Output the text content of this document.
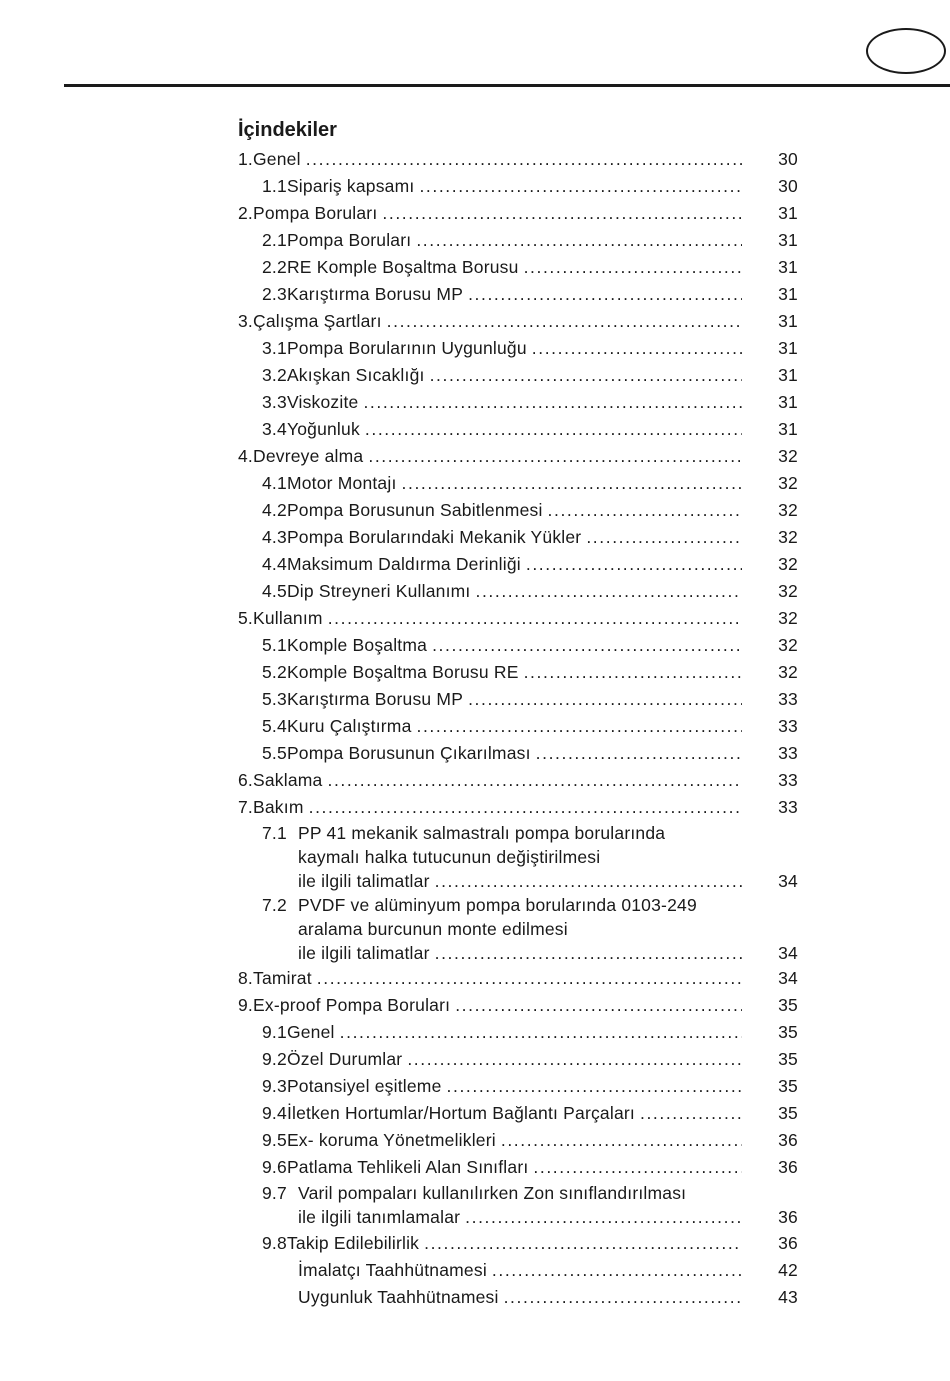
İçindekiler
1. Genel .....	30
1.1 Sipariş kapsamı .....	30
2. Pompa Boruları .....	31
2.1 Pompa Boruları .....	31
2.2 RE Komple Boşaltma Borusu .....	31
2.3 Karıştırma Borusu MP .....	31
3. Çalışma Şartları .....	31
3.1 Pompa Borularının Uygunluğu .....	31
3.2 Akışkan Sıcaklığı .....	31
3.3 Viskozite .....	31
3.4 Yoğunluk .....	31
4. Devreye alma .....	32
4.1 Motor Montajı .....	32
4.2 Pompa Borusunun Sabitlenmesi .....	32
4.3 Pompa Borularındaki Mekanik Yükler .....	32
4.4 Maksimum Daldırma Derinliği .....	32
4.5 Dip Streyneri Kullanımı .....	32
5. Kullanım .....	32
5.1 Komple Boşaltma .....	32
5.2 Komple Boşaltma Borusu RE .....	32
5.3 Karıştırma Borusu MP .....	33
5.4 Kuru Çalıştırma .....	33
5.5 Pompa Borusunun Çıkarılması .....	33
6. Saklama .....	33
7. Bakım .....	33
7.1 PP 41 mekanik salmastralı pompa borularında
kaymalı halka tutucunun değiştirilmesi
ile ilgili talimatlar .....	34
7.2 PVDF ve alüminyum pompa borularında 0103-249
aralama burcunun monte edilmesi
ile ilgili talimatlar .....	34
8. Tamirat .....	34
9. Ex-proof Pompa Boruları .....	35
9.1 Genel .....	35
9.2 Özel Durumlar .....	35
9.3 Potansiyel eşitleme .....	35
9.4 İletken Hortumlar/Hortum Bağlantı Parçaları .....	35
9.5 Ex- koruma Yönetmelikleri .....	36
9.6 Patlama Tehlikeli Alan Sınıfları .....	36
9.7 Varil pompaları kullanılırken Zon sınıflandırılması
ile ilgili tanımlamalar .....	36
9.8 Takip Edilebilirlik .....	36
İmalatçı Taahhütnamesi .....	42
Uygunluk Taahhütnamesi .....	43
